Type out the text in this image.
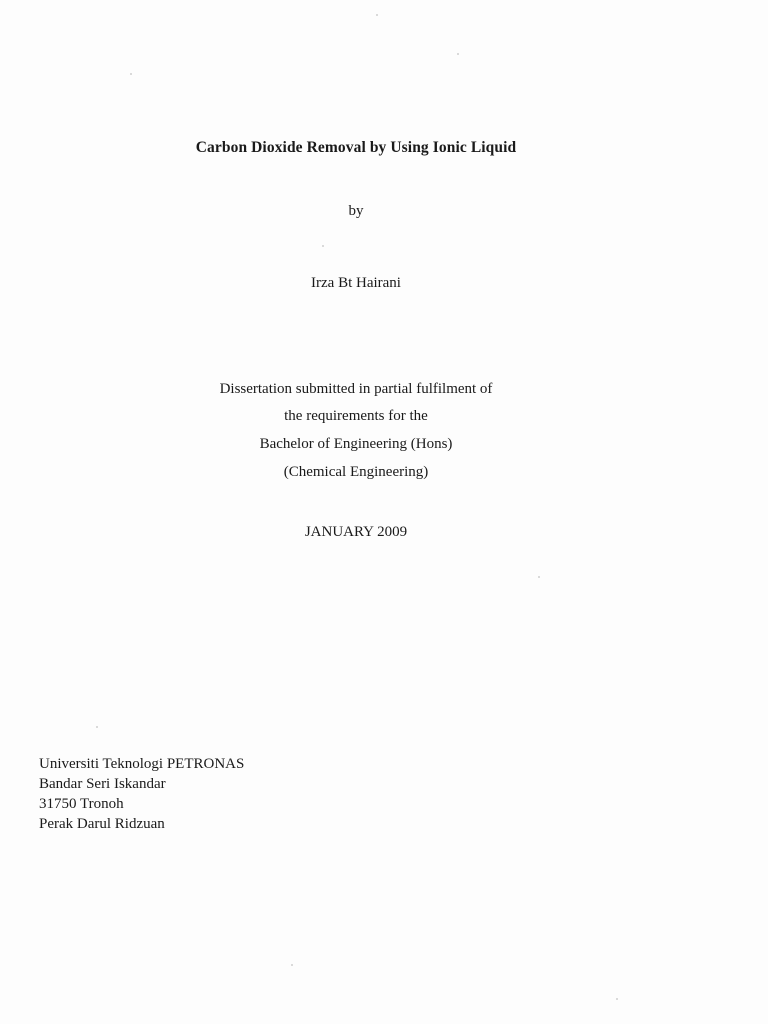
Carbon Dioxide Removal by Using Ionic Liquid
by
Irza Bt Hairani
Dissertation submitted in partial fulfilment of
the requirements for the
Bachelor of Engineering (Hons)
(Chemical Engineering)
JANUARY 2009
Universiti Teknologi PETRONAS
Bandar Seri Iskandar
31750 Tronoh
Perak Darul Ridzuan
